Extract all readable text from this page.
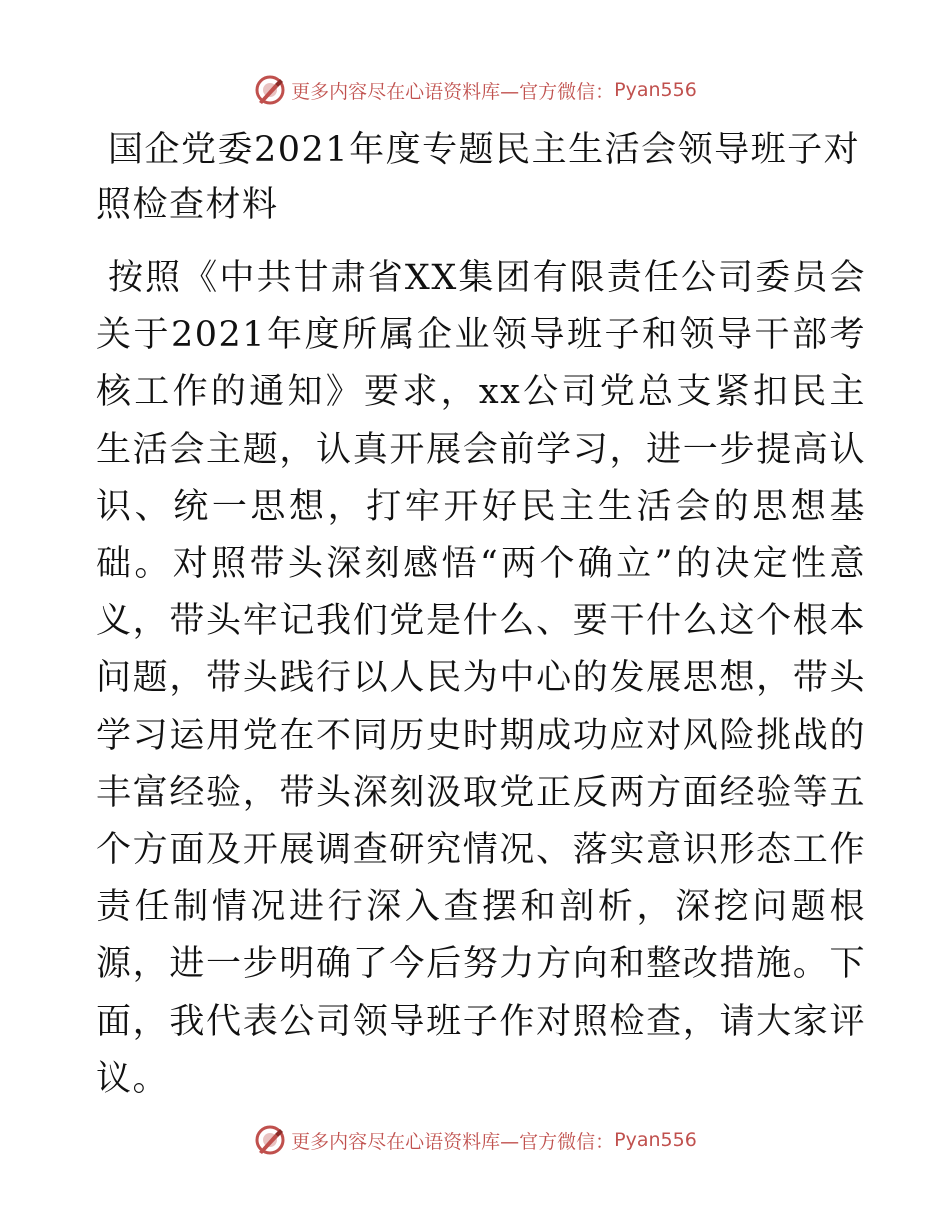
更多内容尽在心语资料库—官方微信： Pyan556
国企党委2021年度专题民主生活会领导班子对照检查材料

按照《中共甘肃省XX集团有限责任公司委员会关于2021年度所属企业领导班子和领导干部考核工作的通知》要求，xx公司党总支紧扣民主生活会主题，认真开展会前学习，进一步提高认识、统一思想，打牢开好民主生活会的思想基础。对照带头深刻感悟“两个确立”的决定性意义，带头牢记我们党是什么、要干什么这个根本问题，带头践行以人民为中心的发展思想，带头学习运用党在不同历史时期成功应对风险挑战的丰富经验，带头深刻汲取党正反两方面经验等五个方面及开展调查研究情况、落实意识形态工作责任制情况进行深入查摆和剖析，深挖问题根源，进一步明确了今后努力方向和整改措施。下面，我代表公司领导班子作对照检查，请大家评议。

更多内容尽在心语资料库—官方微信： Pyan556
